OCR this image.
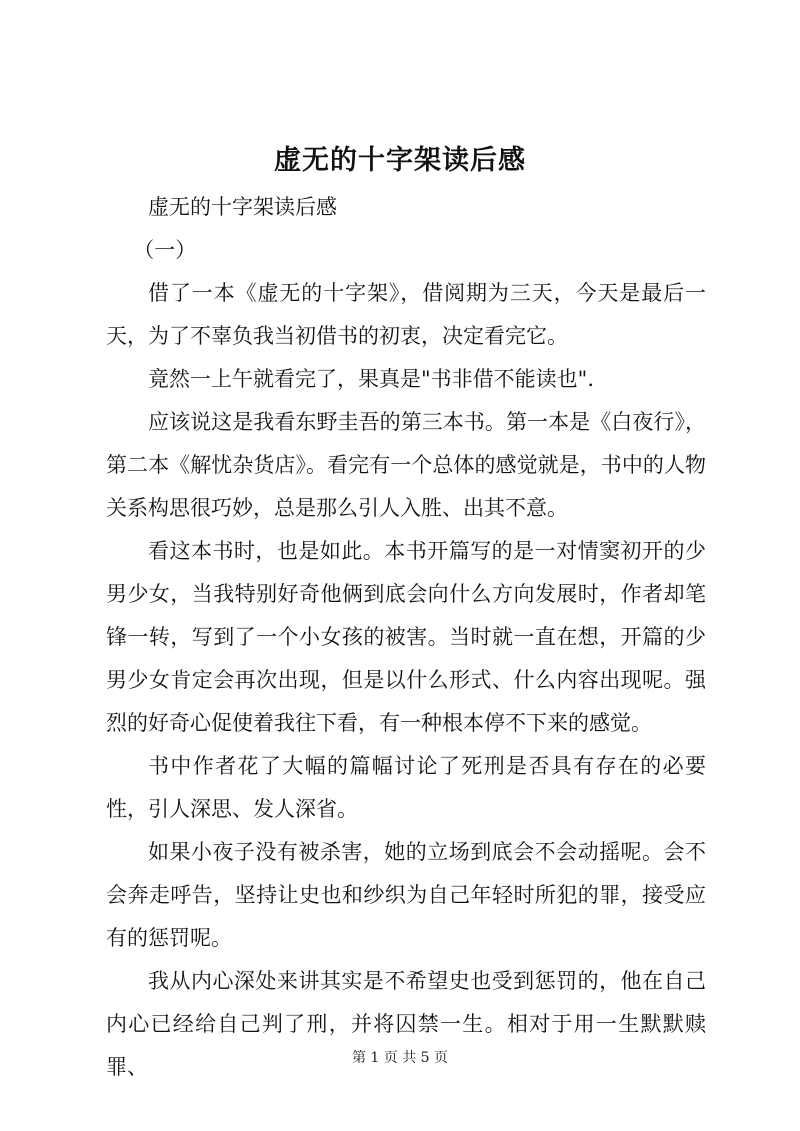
虚无的十字架读后感

虚无的十字架读后感

（一）

借了一本《虚无的十字架》，借阅期为三天，今天是最后一天，为了不辜负我当初借书的初衷，决定看完它。

竟然一上午就看完了，果真是"书非借不能读也".

应该说这是我看东野圭吾的第三本书。第一本是《白夜行》，第二本《解忧杂货店》。看完有一个总体的感觉就是，书中的人物关系构思很巧妙，总是那么引人入胜、出其不意。

看这本书时，也是如此。本书开篇写的是一对情窦初开的少男少女，当我特别好奇他俩到底会向什么方向发展时，作者却笔锋一转，写到了一个小女孩的被害。当时就一直在想，开篇的少男少女肯定会再次出现，但是以什么形式、什么内容出现呢。强烈的好奇心促使着我往下看，有一种根本停不下来的感觉。

书中作者花了大幅的篇幅讨论了死刑是否具有存在的必要性，引人深思、发人深省。

如果小夜子没有被杀害，她的立场到底会不会动摇呢。会不会奔走呼告，坚持让史也和纱织为自己年轻时所犯的罪，接受应有的惩罚呢。

我从内心深处来讲其实是不希望史也受到惩罚的，他在自己内心已经给自己判了刑，并将囚禁一生。相对于用一生默默赎罪、	第 1 页 共 5 页
